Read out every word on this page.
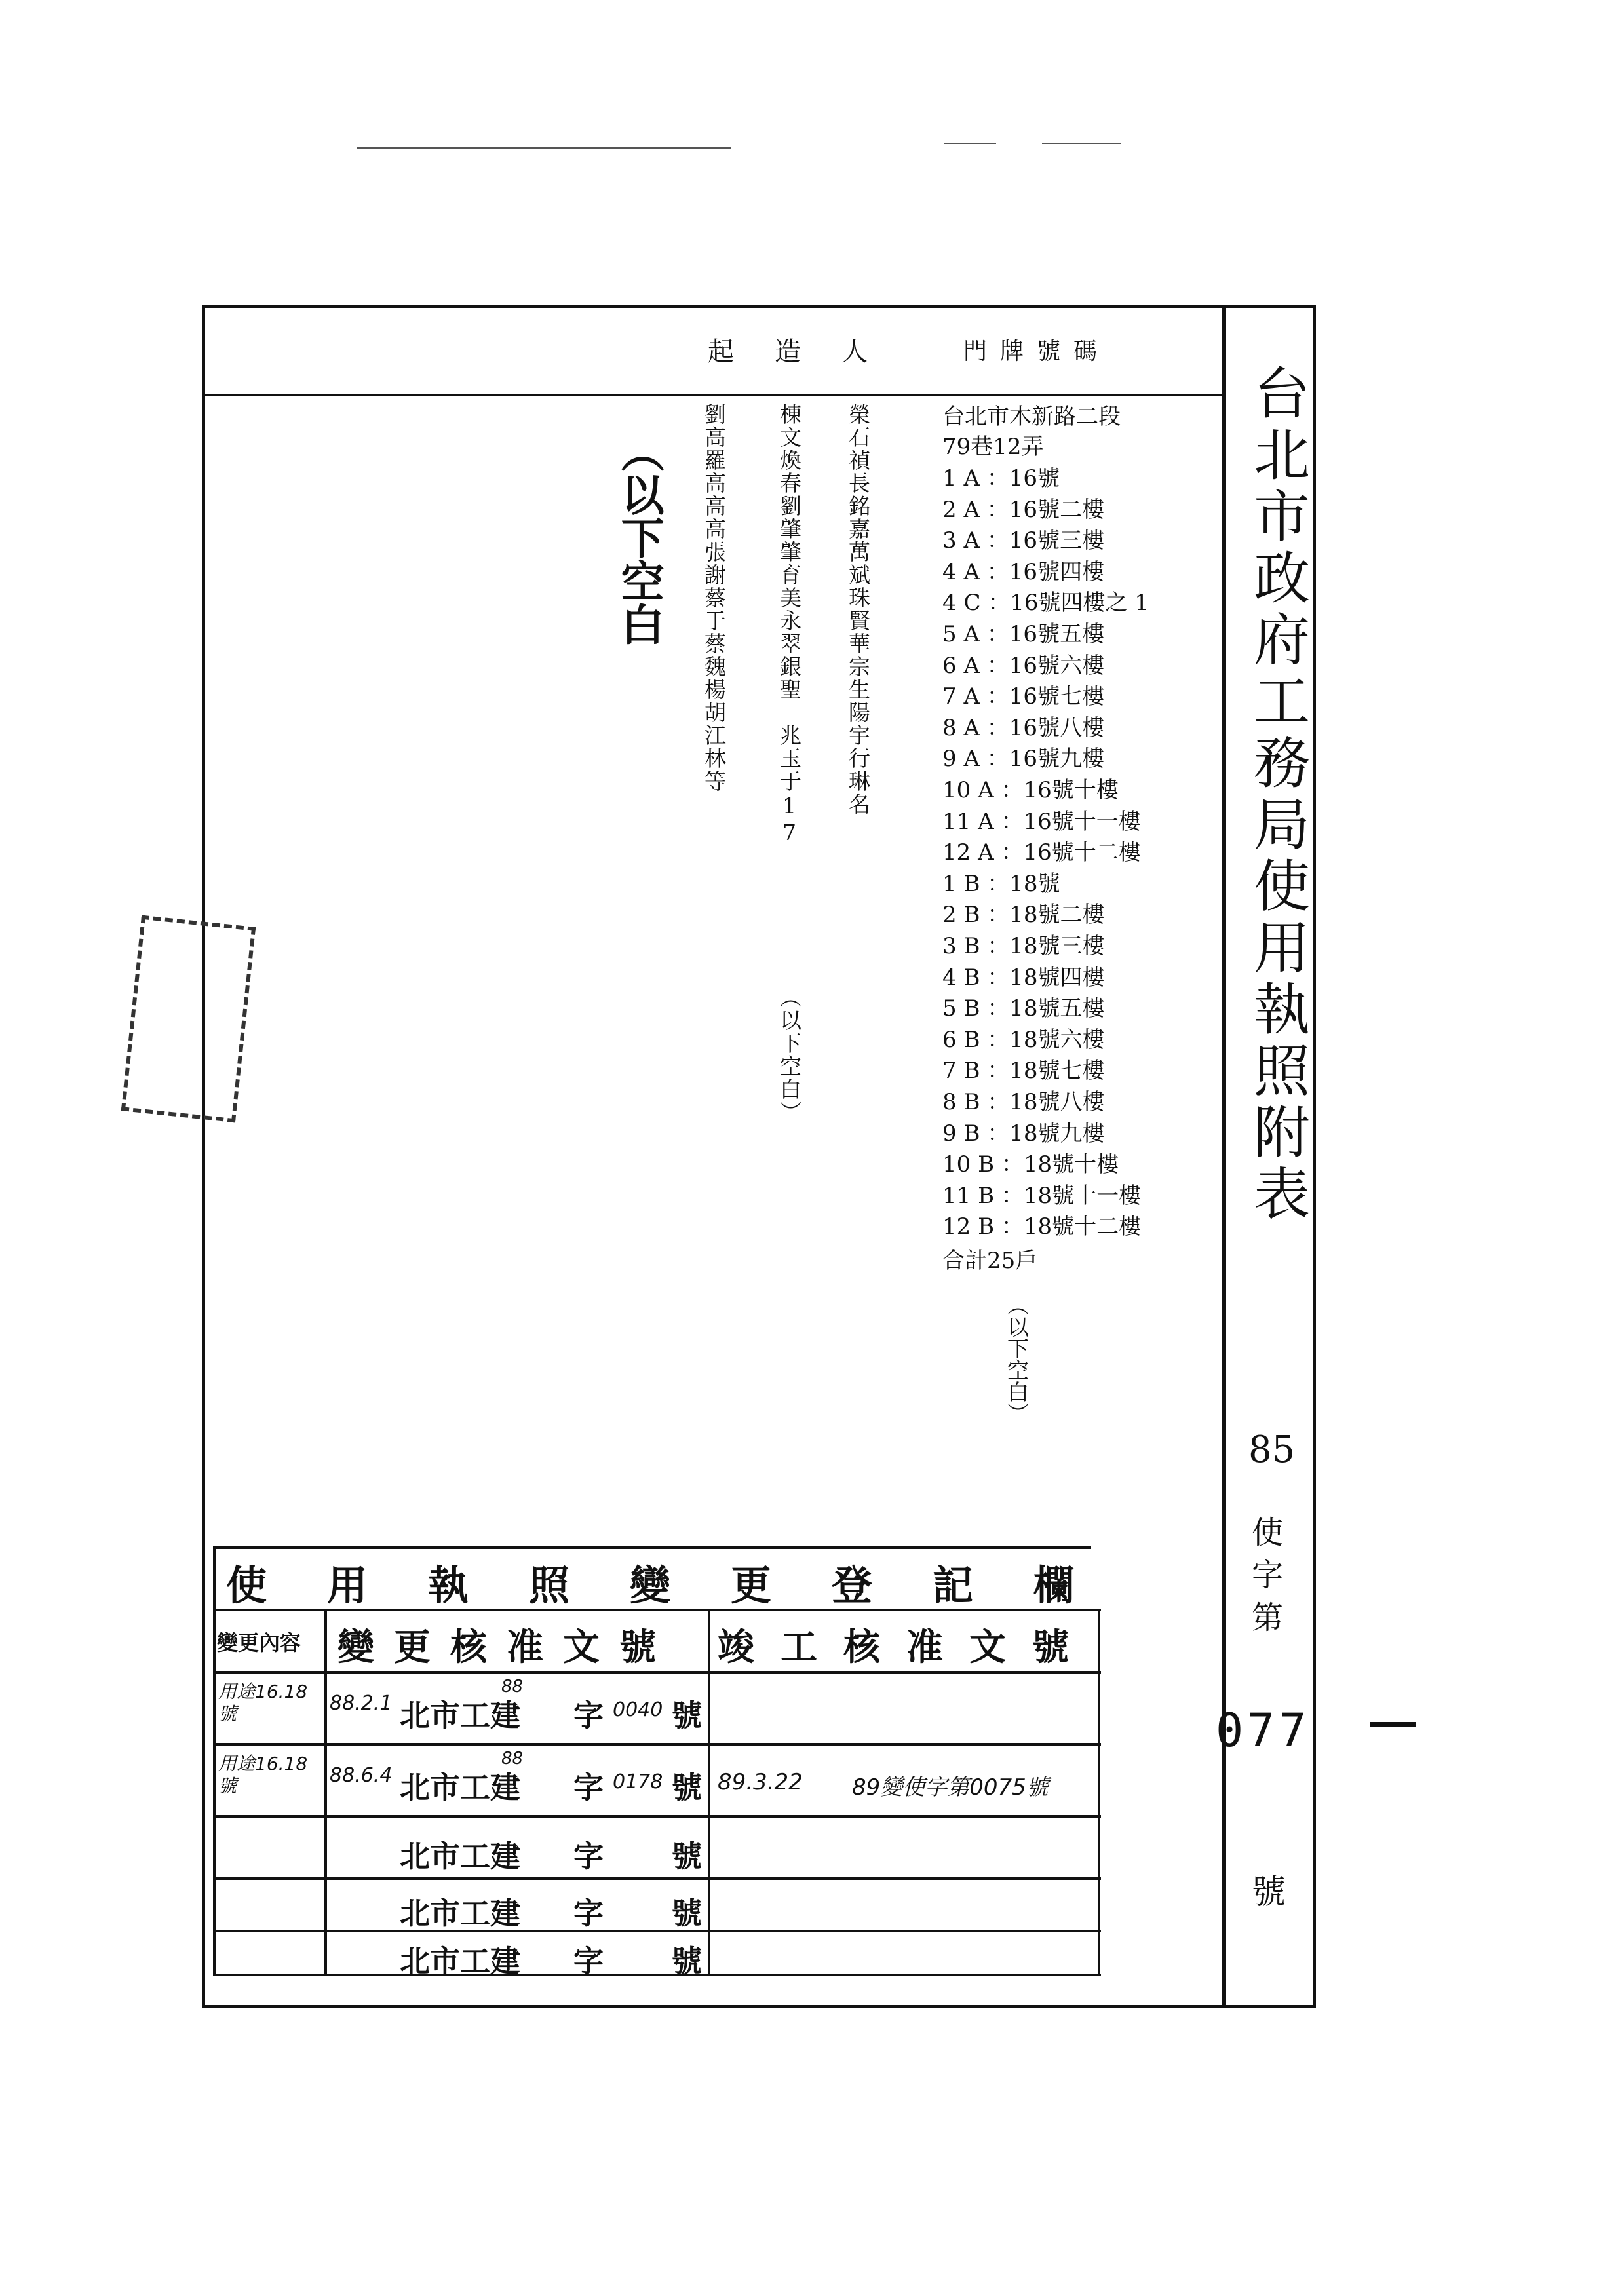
台北市政府工務局使用執照附表
85
使
字
第
077
號
起造人 門牌號碼
台北市木新路二段
79巷12弄
1 A ：16號
2 A ：16號二樓
3 A ：16號三樓
4 A ：16號四樓
4 C ：16號四樓之 1
5 A ：16號五樓
6 A ：16號六樓
7 A ：16號七樓
8 A ：16號八樓
9 A ：16號九樓
10 A ：16號十樓
11 A ：16號十一樓
12 A ：16號十二樓
1 B ：18號
2 B ：18號二樓
3 B ：18號三樓
4 B ：18號四樓
5 B ：18號五樓
6 B ：18號六樓
7 B ：18號七樓
8 B ：18號八樓
9 B ：18號九樓
10 B ：18號十樓
11 B ：18號十一樓
12 B ：18號十二樓
合計25戶
（以下空白）
榮石禎長銘嘉萬斌珠賢華宗生陽宇行琳名
棟文煥春劉肇肇育美永翠銀聖　兆玉于17
（以下空白）
劉高羅高高高張謝蔡于蔡魏楊胡江林等
（以下空白
使用執照變更登記欄
變更內容 變更核准文號 竣工核准文號
用途16.18號	88.2.1 北市工建
88
字 0040 號
用途16.18號	88.6.4 北市工建
88
字 0178 號 89.3.22 89變使字第0075號
北市工建 字 號
北市工建 字 號
北市工建 字 號
